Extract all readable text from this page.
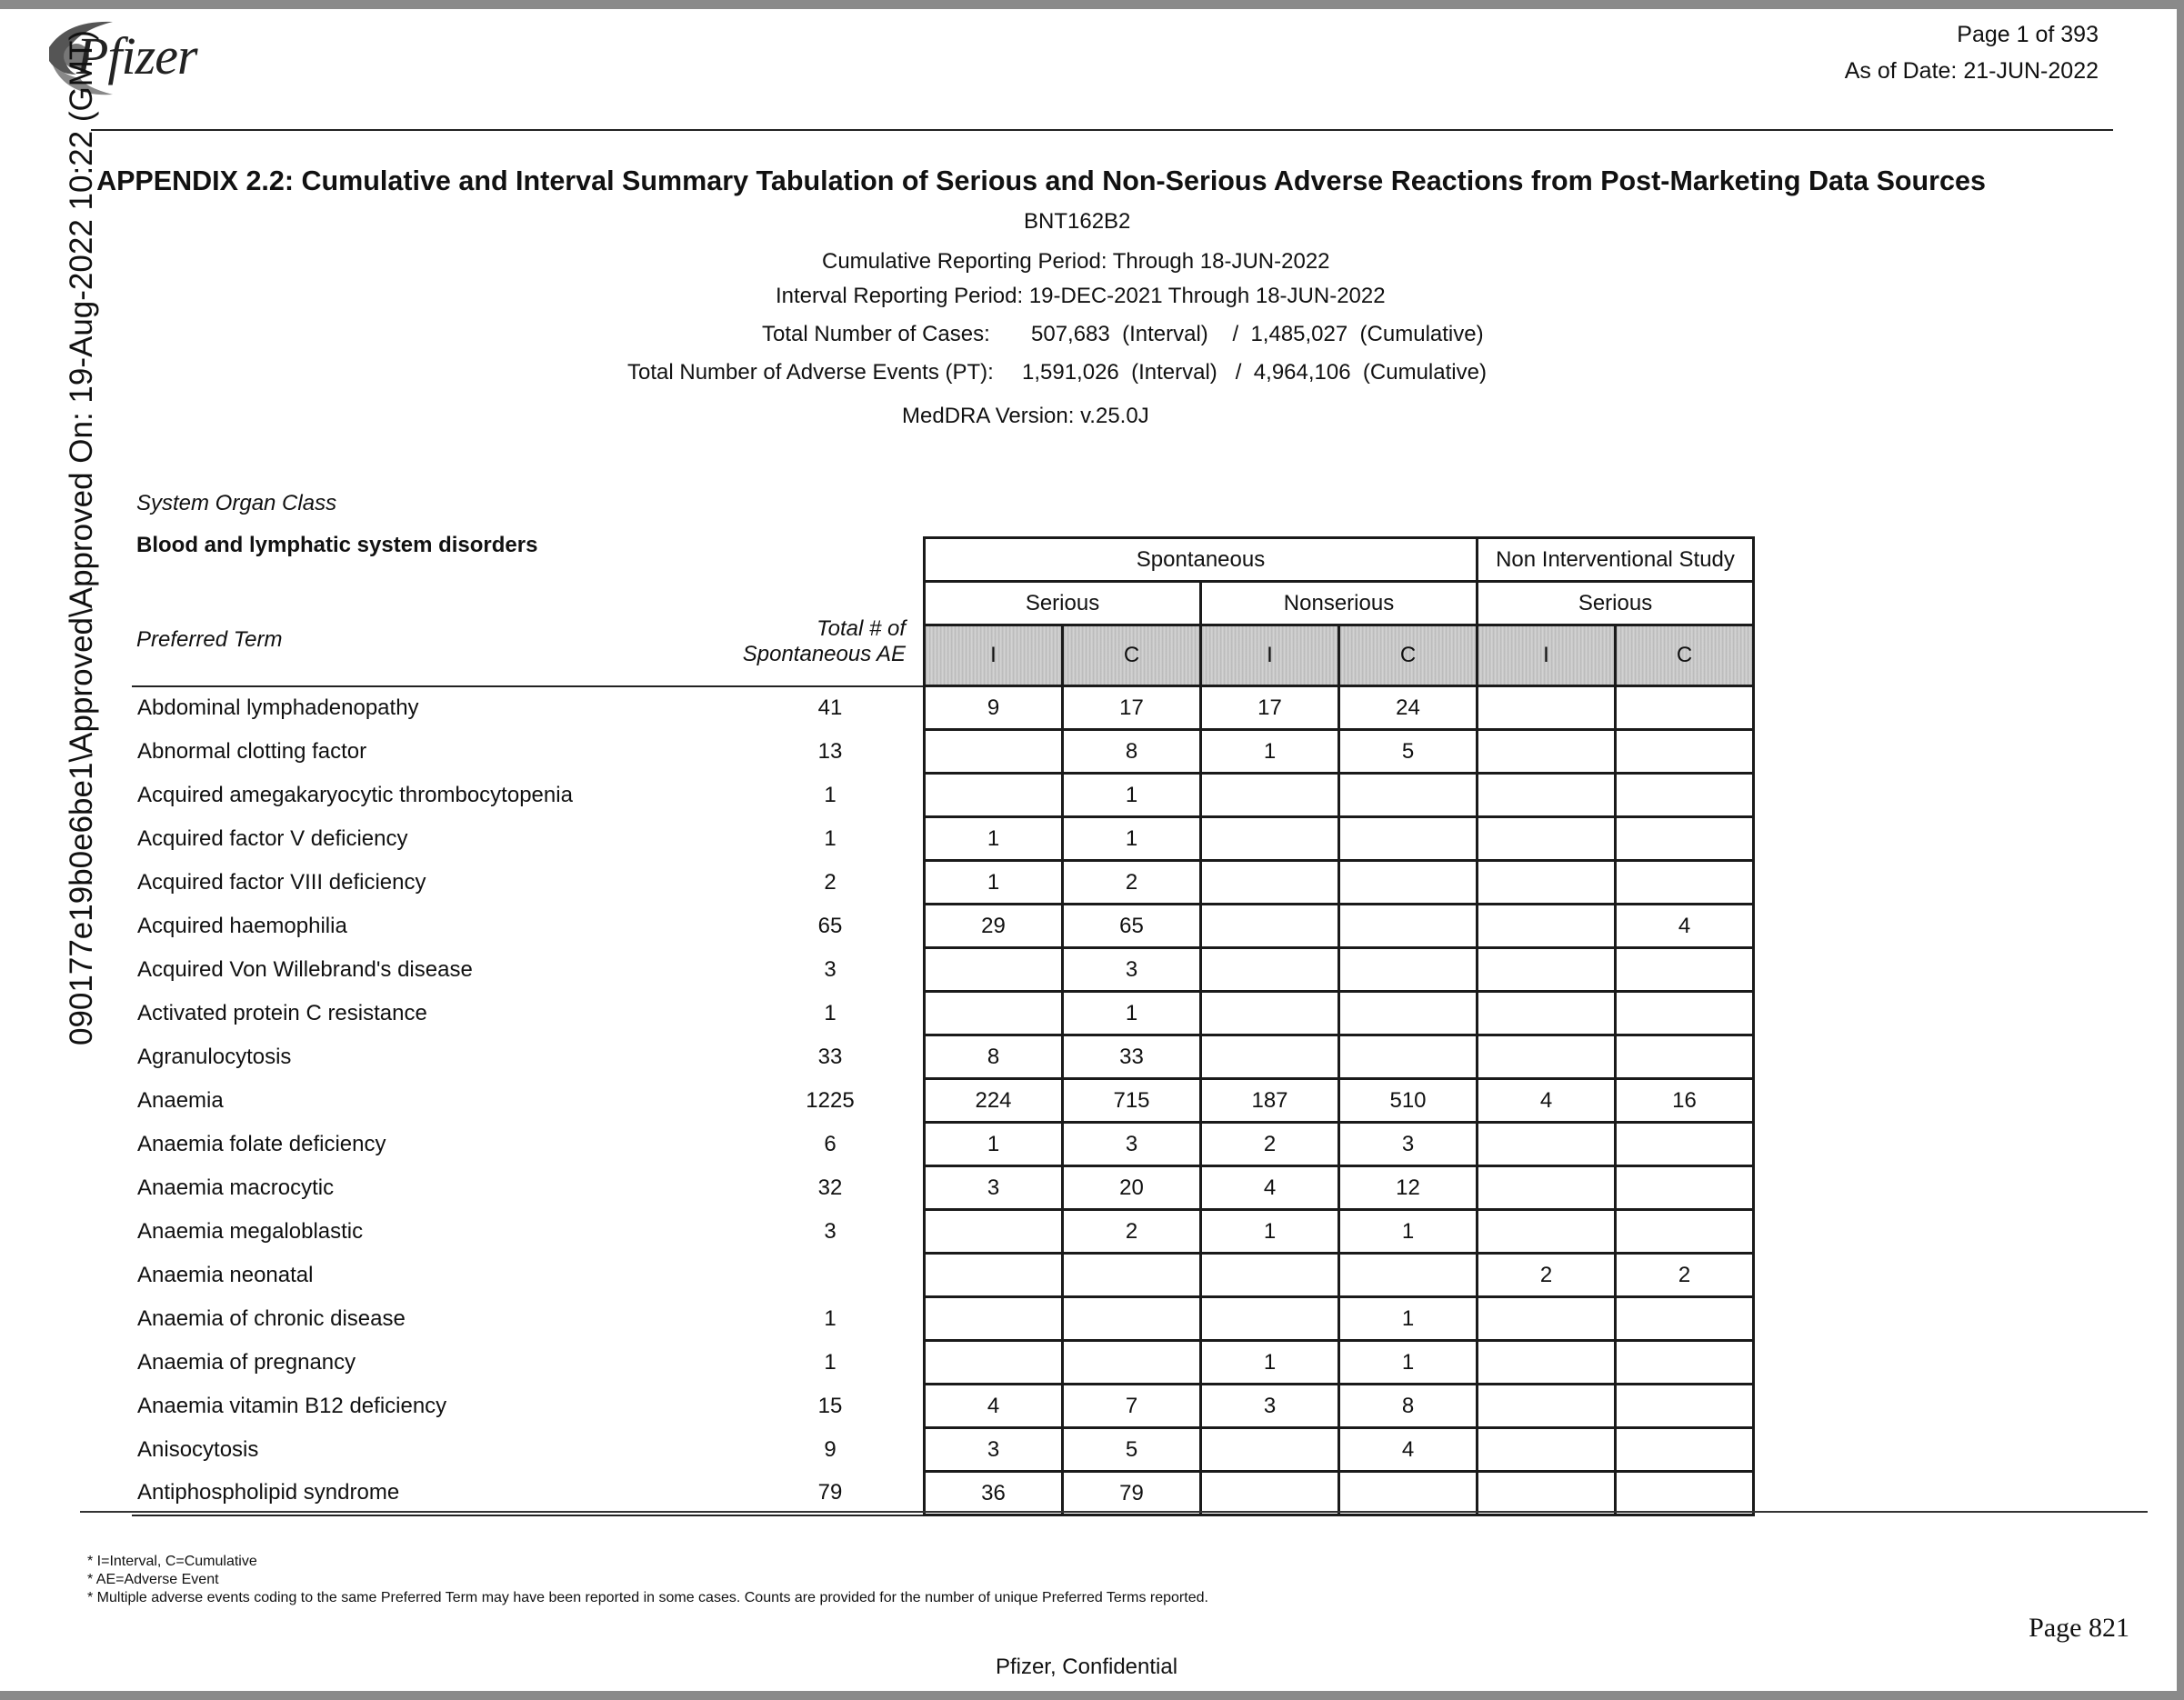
Pfizer	Page 1 of 393
As of Date: 21-JUN-2022
APPENDIX 2.2: Cumulative and Interval Summary Tabulation of Serious and Non-Serious Adverse Reactions from Post-Marketing Data Sources
BNT162B2
Cumulative Reporting Period: Through 18-JUN-2022
Interval Reporting Period: 19-DEC-2021 Through 18-JUN-2022
Total Number of Cases: 507,683  (Interval)    /  1,485,027  (Cumulative)
Total Number of Adverse Events (PT): 1,591,026  (Interval)   /  4,964,106  (Cumulative)
MedDRA Version: v.25.0J
090177e19b0e6be1\Approved\Approved On: 19-Aug-2022 10:22 (GMT) System Organ Class
Blood and lymphatic system disorders
Preferred Term	Total # of
Spontaneous AE
		Spontaneous				Non Interventional Study	
		Serious		Nonserious		Serious	
		I	C	I	C	I	C
Abdominal lymphadenopathy	41	9	17	17	24		
Abnormal clotting factor	13		8	1	5		
Acquired amegakaryocytic thrombocytopenia	1		1				
Acquired factor V deficiency	1	1	1				
Acquired factor VIII deficiency	2	1	2				
Acquired haemophilia	65	29	65				4
Acquired Von Willebrand's disease	3		3				
Activated protein C resistance	1		1				
Agranulocytosis	33	8	33				
Anaemia	1225	224	715	187	510	4	16
Anaemia folate deficiency	6	1	3	2	3		
Anaemia macrocytic	32	3	20	4	12		
Anaemia megaloblastic	3		2	1	1		
Anaemia neonatal						2	2
Anaemia of chronic disease	1				1		
Anaemia of pregnancy	1			1	1		
Anaemia vitamin B12 deficiency	15	4	7	3	8		
Anisocytosis	9	3	5		4		
Antiphospholipid syndrome	79	36	79				
* I=Interval, C=Cumulative
* AE=Adverse Event
* Multiple adverse events coding to the same Preferred Term may have been reported in some cases. Counts are provided for the number of unique Preferred Terms reported.
Page 821
Pfizer, Confidential
